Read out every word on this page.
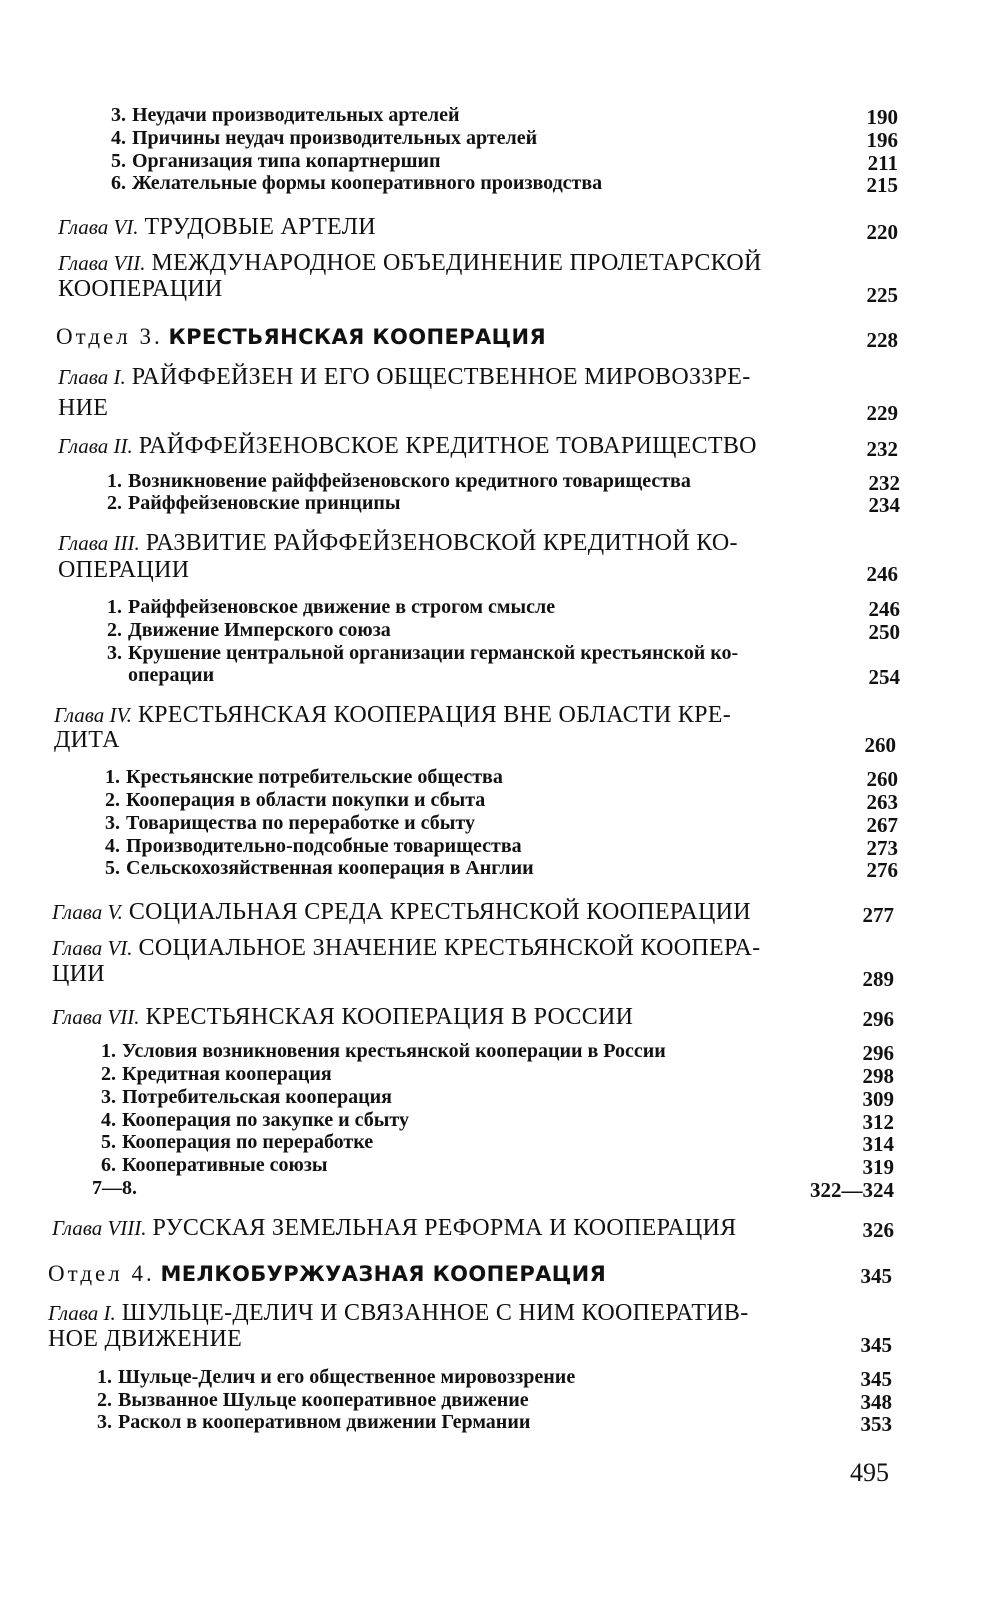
3. Неудачи производительных артелей	190
4. Причины неудач производительных артелей	196
5. Организация типа копартнершип	211
6. Желательные формы кооперативного производства	215
Глава VI. ТРУДОВЫЕ АРТЕЛИ	220
Глава VII. МЕЖДУНАРОДНОЕ ОБЪЕДИНЕНИЕ ПРОЛЕТАРСКОЙ
КООПЕРАЦИИ	225
Отдел 3. КРЕСТЬЯНСКАЯ КООПЕРАЦИЯ	228
Глава I. РАЙФФЕЙЗЕН И ЕГО ОБЩЕСТВЕННОЕ МИРОВОЗЗРЕ-
НИЕ	229
Глава II. РАЙФФЕЙЗЕНОВСКОЕ КРЕДИТНОЕ ТОВАРИЩЕСТВО	232
1. Возникновение райффейзеновского кредитного товарищества	232
2. Райффейзеновские принципы	234
Глава III. РАЗВИТИЕ РАЙФФЕЙЗЕНОВСКОЙ КРЕДИТНОЙ КО-
ОПЕРАЦИИ	246
1. Райффейзеновское движение в строгом смысле	246
2. Движение Имперского союза	250
3. Крушение центральной организации германской крестьянской ко-
операции	254
Глава IV. КРЕСТЬЯНСКАЯ КООПЕРАЦИЯ ВНЕ ОБЛАСТИ КРЕ-
ДИТА	260
1. Крестьянские потребительские общества	260
2. Кооперация в области покупки и сбыта	263
3. Товарищества по переработке и сбыту	267
4. Производительно-подсобные товарищества	273
5. Сельскохозяйственная кооперация в Англии	276
Глава V. СОЦИАЛЬНАЯ СРЕДА КРЕСТЬЯНСКОЙ КООПЕРАЦИИ	277
Глава VI. СОЦИАЛЬНОЕ ЗНАЧЕНИЕ КРЕСТЬЯНСКОЙ КООПЕРА-
ЦИИ	289
Глава VII. КРЕСТЬЯНСКАЯ КООПЕРАЦИЯ В РОССИИ	296
1. Условия возникновения крестьянской кооперации в России	296
2. Кредитная кооперация	298
3. Потребительская кооперация	309
4. Кооперация по закупке и сбыту	312
5. Кооперация по переработке	314
6. Кооперативные союзы	319
7—8.	322—324
Глава VIII. РУССКАЯ ЗЕМЕЛЬНАЯ РЕФОРМА И КООПЕРАЦИЯ	326
Отдел 4. МЕЛКОБУРЖУАЗНАЯ КООПЕРАЦИЯ	345
Глава I. ШУЛЬЦЕ-ДЕЛИЧ И СВЯЗАННОЕ С НИМ КООПЕРАТИВ-
НОЕ ДВИЖЕНИЕ	345
1. Шульце-Делич и его общественное мировоззрение	345
2. Вызванное Шульце кооперативное движение	348
3. Раскол в кооперативном движении Германии	353
495
